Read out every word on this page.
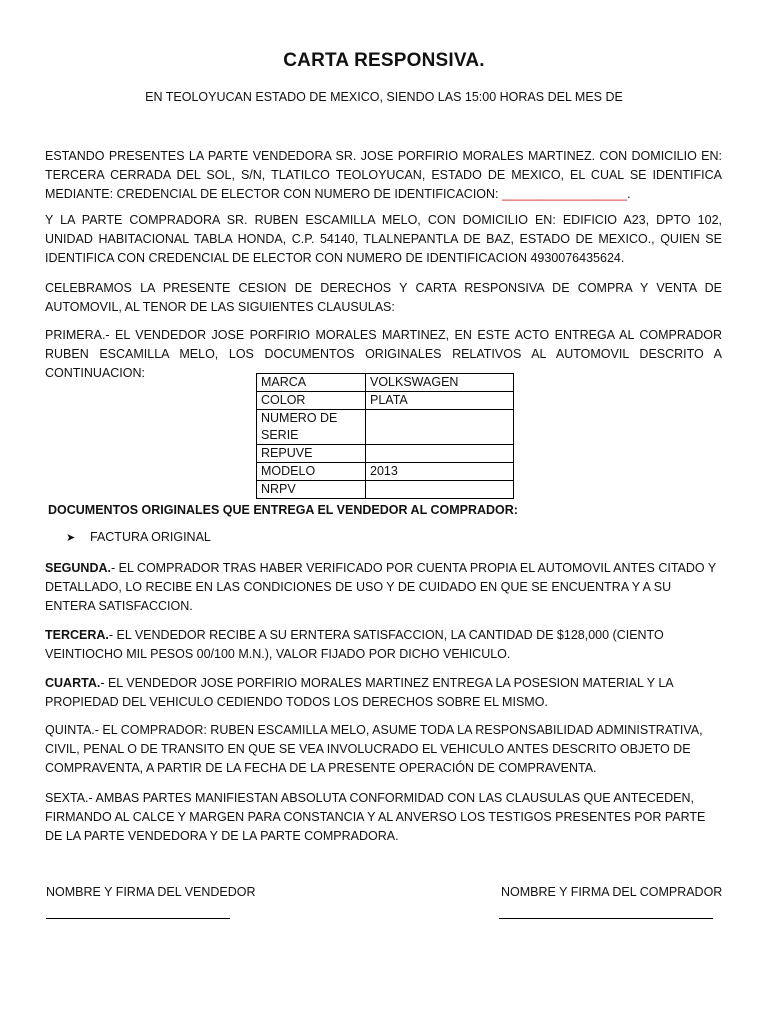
CARTA RESPONSIVA.
EN TEOLOYUCAN ESTADO DE MEXICO, SIENDO LAS 15:00 HORAS DEL MES DE

ESTANDO PRESENTES LA PARTE VENDEDORA SR. JOSE PORFIRIO MORALES MARTINEZ. CON DOMICILIO EN: TERCERA CERRADA DEL SOL, S/N, TLATILCO TEOLOYUCAN, ESTADO DE MEXICO, EL CUAL SE IDENTIFICA MEDIANTE: CREDENCIAL DE ELECTOR CON NUMERO DE IDENTIFICACION: __________________.

Y LA PARTE COMPRADORA SR. RUBEN ESCAMILLA MELO, CON DOMICILIO EN: EDIFICIO A23, DPTO 102, UNIDAD HABITACIONAL TABLA HONDA, C.P. 54140, TLALNEPANTLA DE BAZ, ESTADO DE MEXICO., QUIEN SE IDENTIFICA CON CREDENCIAL DE ELECTOR CON NUMERO DE IDENTIFICACION 4930076435624.

CELEBRAMOS LA PRESENTE CESION DE DERECHOS Y CARTA RESPONSIVA DE COMPRA Y VENTA DE AUTOMOVIL, AL TENOR DE LAS SIGUIENTES CLAUSULAS:

PRIMERA.- EL VENDEDOR JOSE PORFIRIO MORALES MARTINEZ, EN ESTE ACTO ENTREGA AL COMPRADOR RUBEN ESCAMILLA MELO, LOS DOCUMENTOS ORIGINALES RELATIVOS AL AUTOMOVIL DESCRITO A CONTINUACION:

MARCA	VOLKSWAGEN
COLOR	PLATA
NUMERO DE SERIE	
REPUVE	
MODELO	2013
NRPV	
DOCUMENTOS ORIGINALES QUE ENTREGA EL VENDEDOR AL COMPRADOR:
➤ FACTURA ORIGINAL

SEGUNDA.- EL COMPRADOR TRAS HABER VERIFICADO POR CUENTA PROPIA EL AUTOMOVIL ANTES CITADO Y DETALLADO, LO RECIBE EN LAS CONDICIONES DE USO Y DE CUIDADO EN QUE SE ENCUENTRA Y A SU ENTERA SATISFACCION.

TERCERA.- EL VENDEDOR RECIBE A SU ERNTERA SATISFACCION, LA CANTIDAD DE $128,000 (CIENTO VEINTIOCHO MIL PESOS 00/100 M.N.), VALOR FIJADO POR DICHO VEHICULO.

CUARTA.- EL VENDEDOR JOSE PORFIRIO MORALES MARTINEZ ENTREGA LA POSESION MATERIAL Y LA PROPIEDAD DEL VEHICULO CEDIENDO TODOS LOS DERECHOS SOBRE EL MISMO.

QUINTA.- EL COMPRADOR: RUBEN ESCAMILLA MELO, ASUME TODA LA RESPONSABILIDAD ADMINISTRATIVA, CIVIL, PENAL O DE TRANSITO EN QUE SE VEA INVOLUCRADO EL VEHICULO ANTES DESCRITO OBJETO DE COMPRAVENTA, A PARTIR DE LA FECHA DE LA PRESENTE OPERACIÓN DE COMPRAVENTA.

SEXTA.- AMBAS PARTES MANIFIESTAN ABSOLUTA CONFORMIDAD CON LAS CLAUSULAS QUE ANTECEDEN, FIRMANDO AL CALCE Y MARGEN PARA CONSTANCIA Y AL ANVERSO LOS TESTIGOS PRESENTES POR PARTE DE LA PARTE VENDEDORA Y DE LA PARTE COMPRADORA.

NOMBRE Y FIRMA DEL VENDEDOR	NOMBRE Y FIRMA DEL COMPRADOR
